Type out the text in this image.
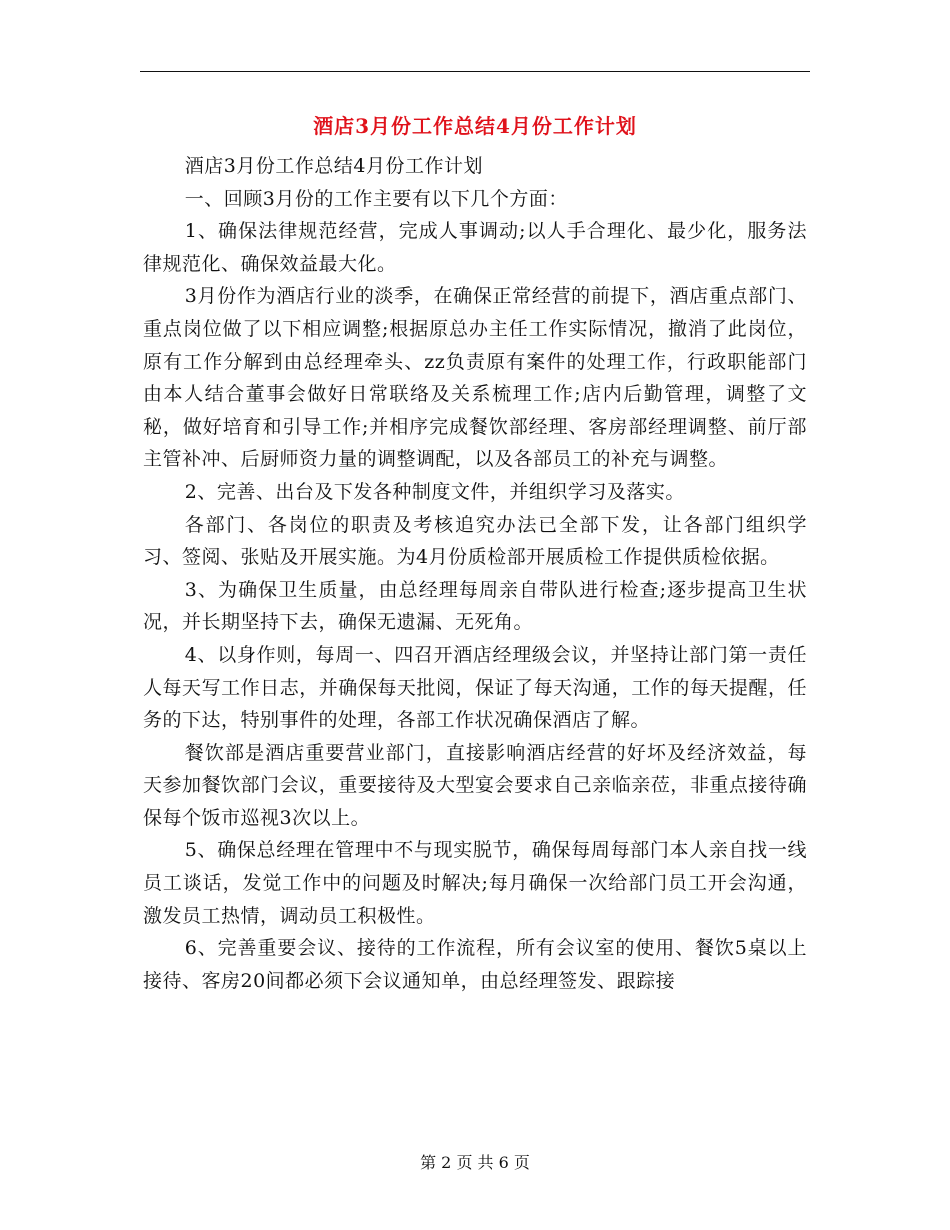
酒店3月份工作总结4月份工作计划

酒店3月份工作总结4月份工作计划

一、回顾3月份的工作主要有以下几个方面：

1、确保法律规范经营，完成人事调动;以人手合理化、最少化，服务法律规范化、确保效益最大化。

3月份作为酒店行业的淡季，在确保正常经营的前提下，酒店重点部门、重点岗位做了以下相应调整;根据原总办主任工作实际情况，撤消了此岗位，原有工作分解到由总经理牵头、zz负责原有案件的处理工作，行政职能部门由本人结合董事会做好日常联络及关系梳理工作;店内后勤管理，调整了文秘，做好培育和引导工作;并相序完成餐饮部经理、客房部经理调整、前厅部主管补冲、后厨师资力量的调整调配，以及各部员工的补充与调整。

2、完善、出台及下发各种制度文件，并组织学习及落实。

各部门、各岗位的职责及考核追究办法已全部下发，让各部门组织学习、签阅、张贴及开展实施。为4月份质检部开展质检工作提供质检依据。

3、为确保卫生质量，由总经理每周亲自带队进行检查;逐步提高卫生状况，并长期坚持下去，确保无遗漏、无死角。

4、以身作则，每周一、四召开酒店经理级会议，并坚持让部门第一责任人每天写工作日志，并确保每天批阅，保证了每天沟通，工作的每天提醒，任务的下达，特别事件的处理，各部工作状况确保酒店了解。

餐饮部是酒店重要营业部门，直接影响酒店经营的好坏及经济效益，每天参加餐饮部门会议，重要接待及大型宴会要求自己亲临亲莅，非重点接待确保每个饭市巡视3次以上。

5、确保总经理在管理中不与现实脱节，确保每周每部门本人亲自找一线员工谈话，发觉工作中的问题及时解决;每月确保一次给部门员工开会沟通，激发员工热情，调动员工积极性。

6、完善重要会议、接待的工作流程，所有会议室的使用、餐饮5桌以上接待、客房20间都必须下会议通知单，由总经理签发、跟踪接

第 2 页 共 6 页
